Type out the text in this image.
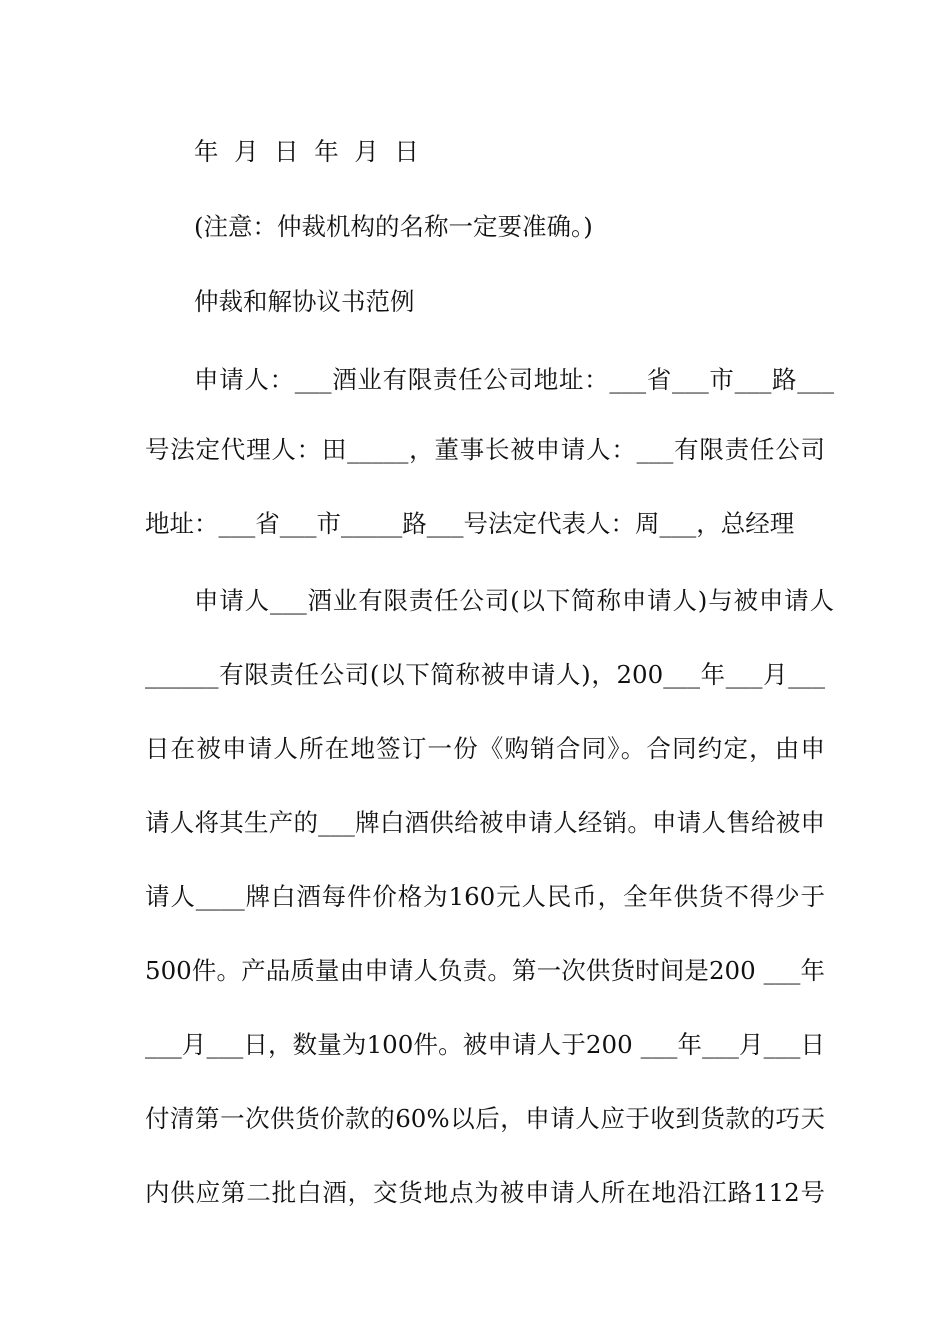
年  月  日  年  月  日
(注意：仲裁机构的名称一定要准确。)
仲裁和解协议书范例
申请人：___酒业有限责任公司地址：___省___市___路___
号法定代理人：田_____，董事长被申请人：___有限责任公司
地址：___省___市_____路___号法定代表人：周___，总经理
申请人___酒业有限责任公司(以下简称申请人)与被申请人
______有限责任公司(以下简称被申请人)，200___年___月___
日在被申请人所在地签订一份《购销合同》。合同约定，由申
请人将其生产的___牌白酒供给被申请人经销。申请人售给被申
请人____牌白酒每件价格为160元人民币，全年供货不得少于
500件。产品质量由申请人负责。第一次供货时间是200 ___年
___月___日，数量为100件。被申请人于200 ___年___月___日
付清第一次供货价款的60%以后，申请人应于收到货款的巧天
内供应第二批白酒，交货地点为被申请人所在地沿江路112号
